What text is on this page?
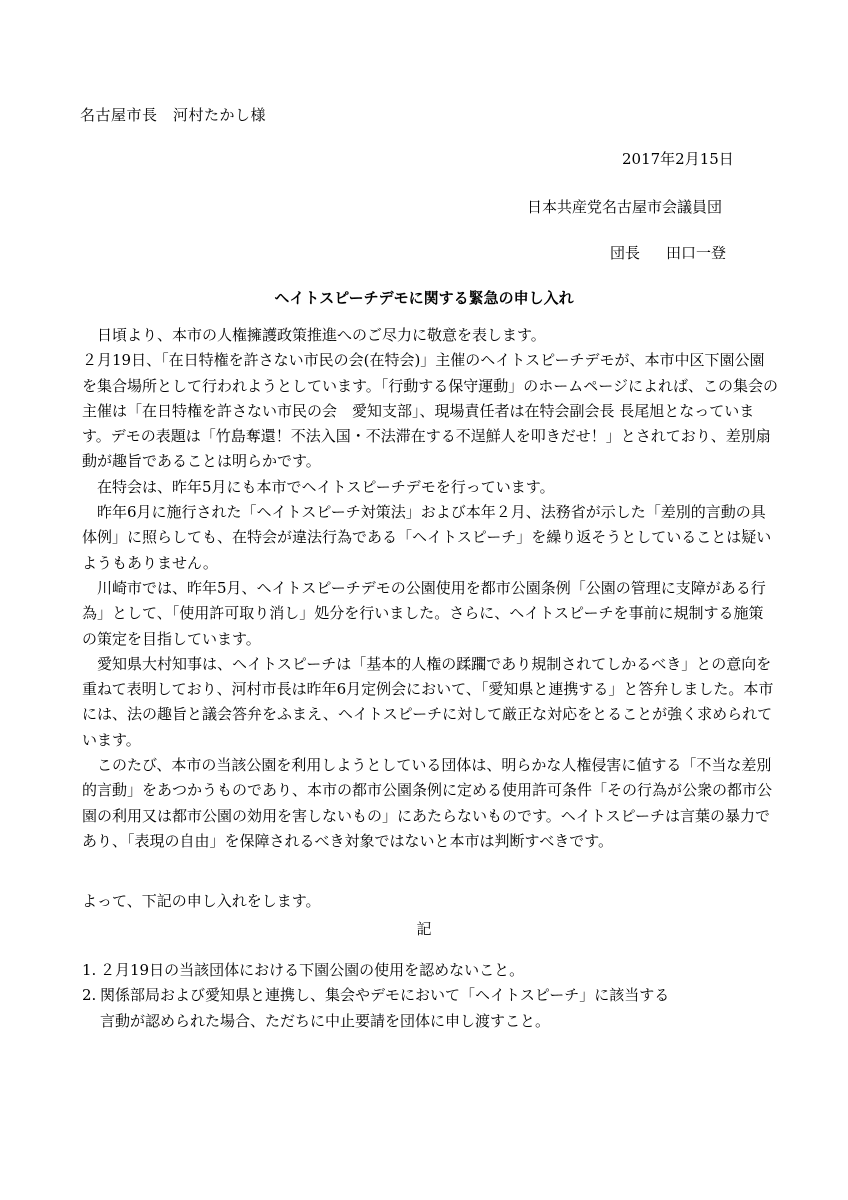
名古屋市長　河村たかし様
2017年2月15日
日本共産党名古屋市会議員団
団長 田口一登
ヘイトスピーチデモに関する緊急の申し入れ

日頃より、本市の人権擁護政策推進へのご尽力に敬意を表します。

２月19日、「在日特権を許さない市民の会(在特会)」主催のヘイトスピーチデモが、本市中区下園公園を集合場所として行われようとしています。「行動する保守運動」のホームページによれば、この集会の主催は「在日特権を許さない市民の会　愛知支部」、現場責任者は在特会副会長 長尾旭となっています。デモの表題は「竹島奪還！不法入国・不法滞在する不逞鮮人を叩きだせ！」とされており、差別扇動が趣旨であることは明らかです。

在特会は、昨年5月にも本市でヘイトスピーチデモを行っています。

昨年6月に施行された「ヘイトスピーチ対策法」および本年２月、法務省が示した「差別的言動の具体例」に照らしても、在特会が違法行為である「ヘイトスピーチ」を繰り返そうとしていることは疑いようもありません。

川崎市では、昨年5月、ヘイトスピーチデモの公園使用を都市公園条例「公園の管理に支障がある行為」として、「使用許可取り消し」処分を行いました。さらに、ヘイトスピーチを事前に規制する施策の策定を目指しています。

愛知県大村知事は、ヘイトスピーチは「基本的人権の蹂躙であり規制されてしかるべき」との意向を重ねて表明しており、河村市長は昨年6月定例会において、「愛知県と連携する」と答弁しました。本市には、法の趣旨と議会答弁をふまえ、ヘイトスピーチに対して厳正な対応をとることが強く求められています。

このたび、本市の当該公園を利用しようとしている団体は、明らかな人権侵害に値する「不当な差別的言動」をあつかうものであり、本市の都市公園条例に定める使用許可条件「その行為が公衆の都市公園の利用又は都市公園の効用を害しないもの」にあたらないものです。ヘイトスピーチは言葉の暴力であり、「表現の自由」を保障されるべき対象ではないと本市は判断すべきです。

よって、下記の申し入れをします。
記
1. ２月19日の当該団体における下園公園の使用を認めないこと。
2. 関係部局および愛知県と連携し、集会やデモにおいて「ヘイトスピーチ」に該当する
言動が認められた場合、ただちに中止要請を団体に申し渡すこと。
